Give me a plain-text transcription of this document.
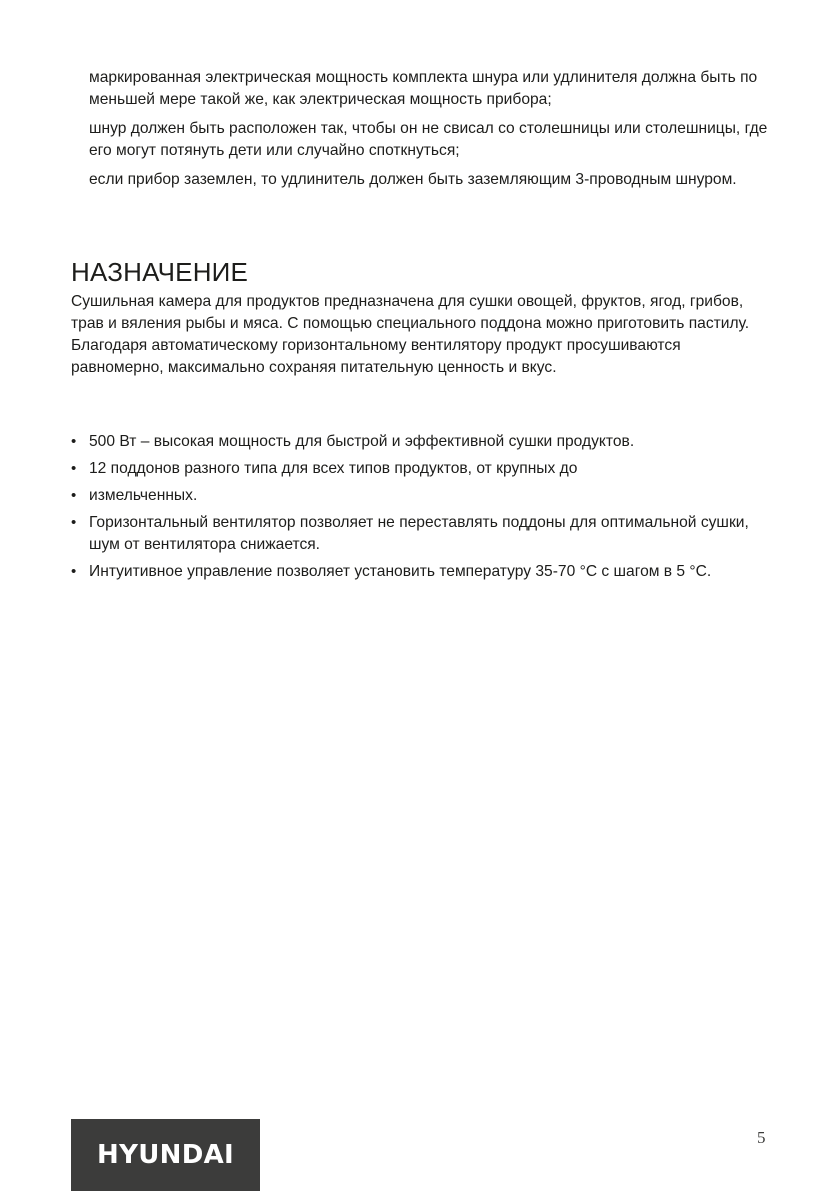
маркированная электрическая мощность комплекта шнура или удлинителя должна быть по меньшей мере такой же, как электрическая мощность прибора;

шнур должен быть расположен так, чтобы он не свисал со столешницы или столешницы, где его могут потянуть дети или случайно споткнуться;

если прибор заземлен, то удлинитель должен быть заземляющим 3-проводным шнуром.

НАЗНАЧЕНИЕ

Сушильная камера для продуктов предназначена для сушки овощей, фруктов, ягод, грибов, трав и вяления рыбы и мяса. С помощью специального поддона можно приготовить пастилу. Благодаря автоматическому горизонтальному вентилятору продукт просушиваются равномерно, максимально сохраняя питательную ценность и вкус.

• 500 Вт – высокая мощность для быстрой и эффективной сушки продуктов.
• 12 поддонов разного типа для всех типов продуктов, от крупных до
• измельченных.
• Горизонтальный вентилятор позволяет не переставлять поддоны для оптимальной сушки, шум от вентилятора снижается.
• Интуитивное управление позволяет установить температуру 35-70 °С с шагом в 5 °С.
HYUNDAI
5
